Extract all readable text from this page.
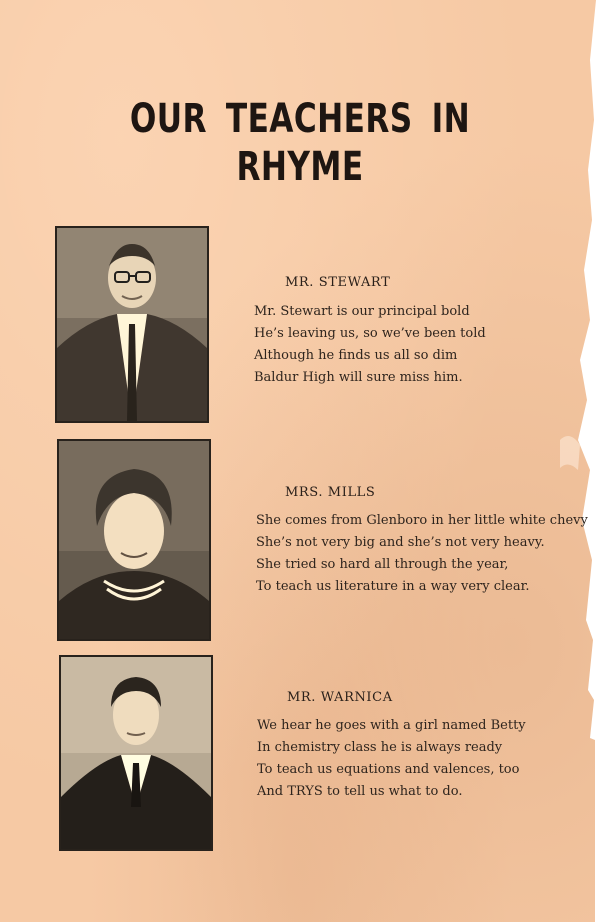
OUR TEACHERS IN RHYME

MR. STEWART

Mr. Stewart is our principal bold
He’s leaving us, so we’ve been told
Although he finds us all so dim
Baldur High will sure miss him.

MRS. MILLS

She comes from Glenboro in her little white chevy
She’s not very big and she’s not very heavy.
She tried so hard all through the year,
To teach us literature in a way very clear.

MR. WARNICA

We hear he goes with a girl named Betty
In chemistry class he is always ready
To teach us equations and valences, too
And TRYS to tell us what to do.
